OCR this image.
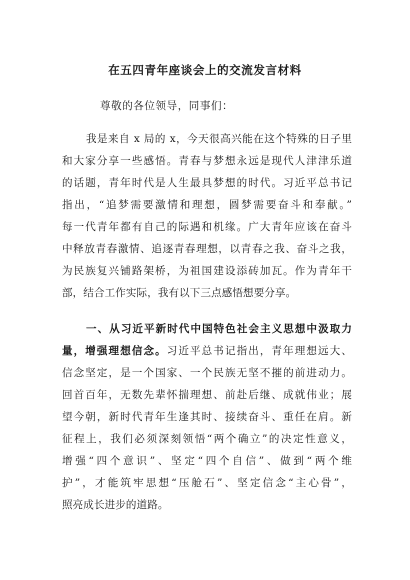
在五四青年座谈会上的交流发言材料
尊敬的各位领导，同事们：
我是来自 x 局的 x，今天很高兴能在这个特殊的日子里
和大家分享一些感悟。青春与梦想永远是现代人津津乐道
的话题，青年时代是人生最具梦想的时代。习近平总书记
指出，“追梦需要激情和理想，圆梦需要奋斗和奉献。”
每一代青年都有自己的际遇和机缘。广大青年应该在奋斗
中释放青春激情、追逐青春理想，以青春之我、奋斗之我，
为民族复兴铺路架桥，为祖国建设添砖加瓦。作为青年干
部，结合工作实际，我有以下三点感悟想要分享。
一、从习近平新时代中国特色社会主义思想中汲取力
量，增强理想信念。习近平总书记指出，青年理想远大、
信念坚定，是一个国家、一个民族无坚不摧的前进动力。
回首百年，无数先辈怀揣理想、前赴后继、成就伟业；展
望今朝，新时代青年生逢其时、接续奋斗、重任在肩。新
征程上，我们必须深刻领悟“两个确立”的决定性意义，
增强“四个意识”、坚定“四个自信”、做到“两个维
护”，才能筑牢思想“压舱石”、坚定信念“主心骨”，
照亮成长进步的道路。
